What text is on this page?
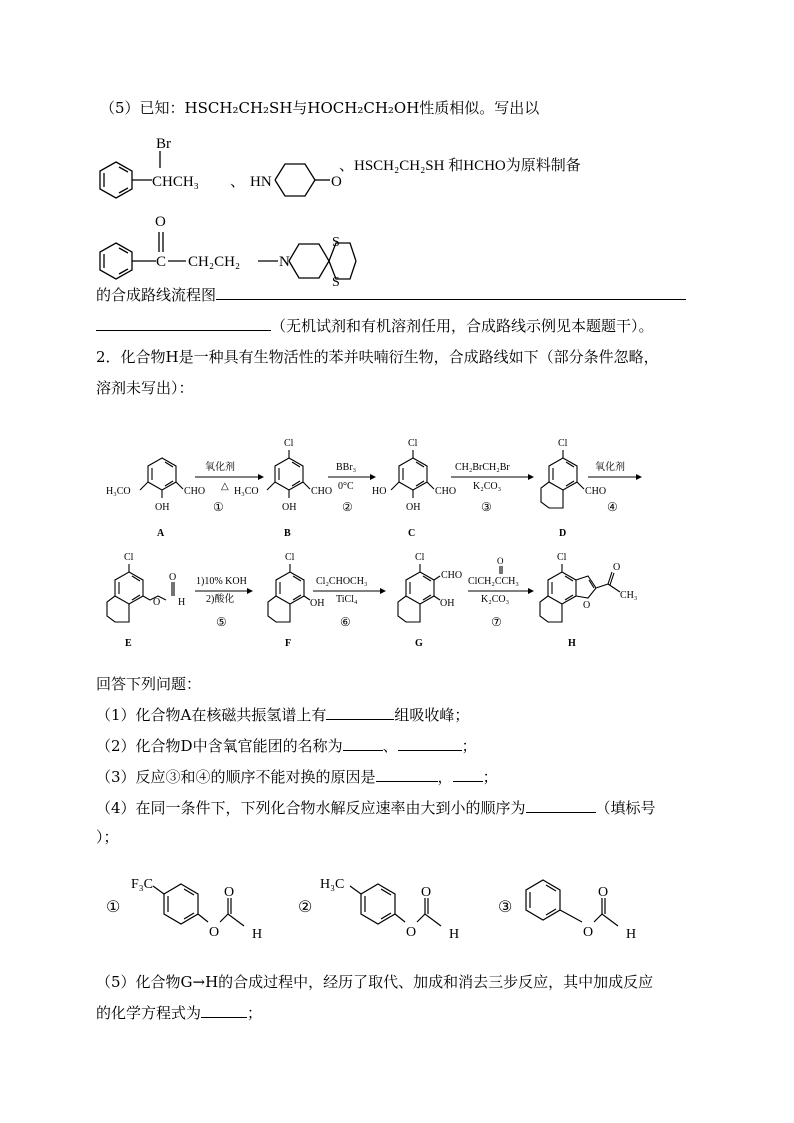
（5）已知：HSCH₂CH₂SH与HOCH₂CH₂OH性质相似。写出以
Br
CHCH₃ 、 HN	O
、HSCH₂CH₂SH 和HCHO为原料制备
O
C CH₂CH₂	N
S
S
H₃CO
OH
CHO
A
氧化剂
△
①
Cl
H₃CO
OH
CHO
B
BBr₃
0°C
②
Cl
HO
OH
CHO
C
CH₂BrCH₂Br
K₂CO₃
③
Cl
CHO
D
氧化剂
④
Cl
O
O
H
E
1)10% KOH
2)酸化
⑤
Cl
OH
F
Cl₂CHOCH₃
TiCl₄
⑥
Cl
CHO
OH
G
O
ClCH₂CCH₃
K₂CO₃
⑦
Cl
O
O
CH₃
H
①
F₃C
O
O
H
②
H₃C
O
O
H
③
O
O
H
的合成路线流程图
（无机试剂和有机溶剂任用，合成路线示例见本题题干）。
2．化合物H是一种具有生物活性的苯并呋喃衍生物，合成路线如下（部分条件忽略，
溶剂未写出）：
回答下列问题：
（1）化合物A在核磁共振氢谱上有	组吸收峰；
（2）化合物D中含氧官能团的名称为	、	；
（3）反应③和④的顺序不能对换的原因是	， ；
（4）在同一条件下，下列化合物水解反应速率由大到小的顺序为	（填标号
）；
（5）化合物G→H的合成过程中，经历了取代、加成和消去三步反应，其中加成反应
的化学方程式为	；
